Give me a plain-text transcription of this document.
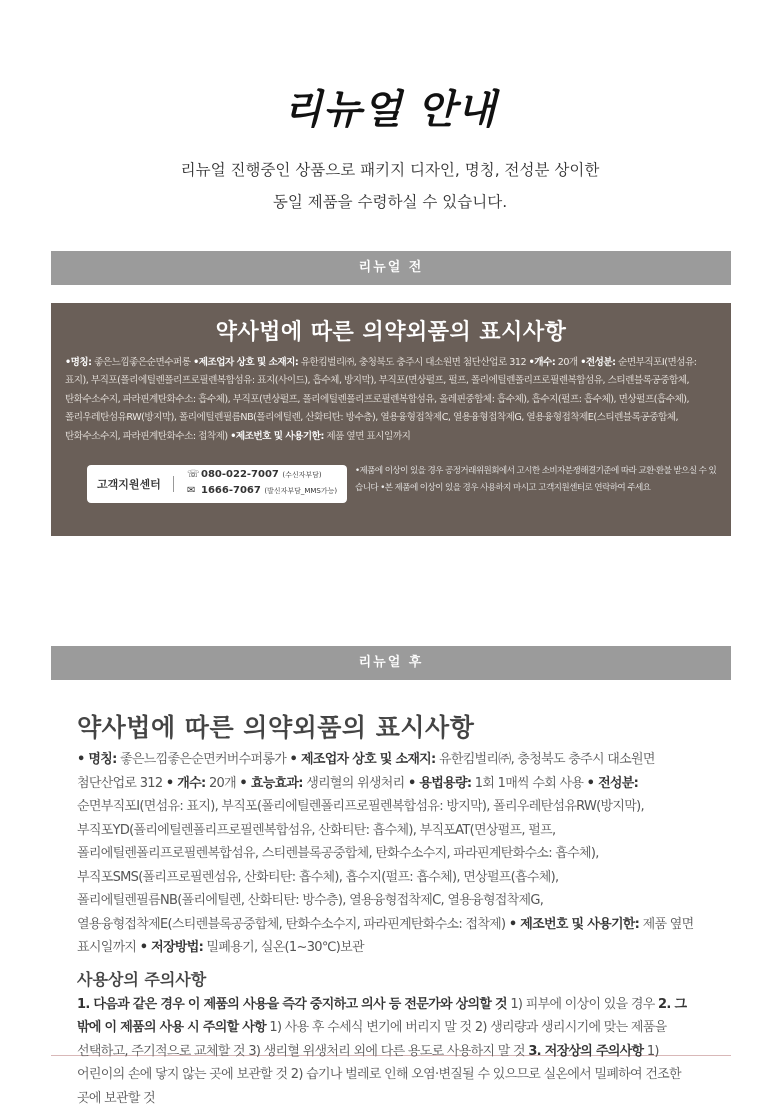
리뉴얼 안내
리뉴얼 진행중인 상품으로 패키지 디자인, 명칭, 전성분 상이한
동일 제품을 수령하실 수 있습니다.
리뉴얼 전
약사법에 따른 의약외품의 표시사항
•명칭: 좋은느낌좋은순면수퍼롱 •제조업자 상호 및 소재지: 유한킴벌리㈜, 충청북도 충주시 대소원면 첨단산업로 312 •개수: 20개 •전성분: 순면부직포Ⅰ(면섬유: 표지), 부직포(폴리에틸렌폴리프로필렌복합섬유: 표지(사이드), 흡수체, 방지막), 부직포(면상펄프, 펄프, 폴리에틸렌폴리프로필렌복합섬유, 스티렌블록공중합체, 탄화수소수지, 파라핀계탄화수소: 흡수체), 부직포(면상펄프, 폴리에틸렌폴리프로필렌복합섬유, 올레핀중합체: 흡수체), 흡수지(펄프: 흡수체), 면상펄프(흡수체), 폴리우레탄섬유RW(방지막), 폴리에틸렌필름NB(폴리에틸렌, 산화티탄: 방수층), 열용융형접착제C, 열용융형접착제G, 열용융형접착제E(스티렌블록공중합체, 탄화수소수지, 파라핀계탄화수소: 접착제) •제조번호 및 사용기한: 제품 옆면 표시일까지
고객지원센터
☏080-022-7007 (수신자부담)
✉ 1666-7067 (발신자부담_MMS가능)
•제품에 이상이 있을 경우 공정거래위원회에서 고시한 소비자분쟁해결기준에 따라 교환·환불 받으실 수 있습니다 •본 제품에 이상이 있을 경우 사용하지 마시고 고객지원센터로 연락하여 주세요
리뉴얼 후
약사법에 따른 의약외품의 표시사항
• 명칭: 좋은느낌좋은순면커버수퍼롱가 • 제조업자 상호 및 소재지: 유한킴벌리㈜, 충청북도 충주시 대소원면 첨단산업로 312 • 개수: 20개 • 효능효과: 생리혈의 위생처리 • 용법용량: 1회 1매씩 수회 사용 • 전성분: 순면부직포I(면섬유: 표지), 부직포(폴리에틸렌폴리프로필렌복합섬유: 방지막), 폴리우레탄섬유RW(방지막), 부직포YD(폴리에틸렌폴리프로필렌복합섬유, 산화티탄: 흡수체), 부직포AT(면상펄프, 펄프, 폴리에틸렌폴리프로필렌복합섬유, 스티렌블록공중합체, 탄화수소수지, 파라핀계탄화수소: 흡수체), 부직포SMS(폴리프로필렌섬유, 산화티탄: 흡수체), 흡수지(펄프: 흡수체), 면상펄프(흡수체), 폴리에틸렌필름NB(폴리에틸렌, 산화티탄: 방수층), 열용융형접착제C, 열용융형접착제G, 열용융형접착제E(스티렌블록공중합체, 탄화수소수지, 파라핀계탄화수소: 접착제) • 제조번호 및 사용기한: 제품 옆면 표시일까지 • 저장방법: 밀폐용기, 실온(1~30℃)보관
사용상의 주의사항
1. 다음과 같은 경우 이 제품의 사용을 즉각 중지하고 의사 등 전문가와 상의할 것 1) 피부에 이상이 있을 경우 2. 그 밖에 이 제품의 사용 시 주의할 사항 1) 사용 후 수세식 변기에 버리지 말 것 2) 생리량과 생리시기에 맞는 제품을 선택하고, 주기적으로 교체할 것 3) 생리혈 위생처리 외에 다른 용도로 사용하지 말 것 3. 저장상의 주의사항 1) 어린이의 손에 닿지 않는 곳에 보관할 것 2) 습기나 벌레로 인해 오염·변질될 수 있으므로 실온에서 밀폐하여 건조한 곳에 보관할 것
